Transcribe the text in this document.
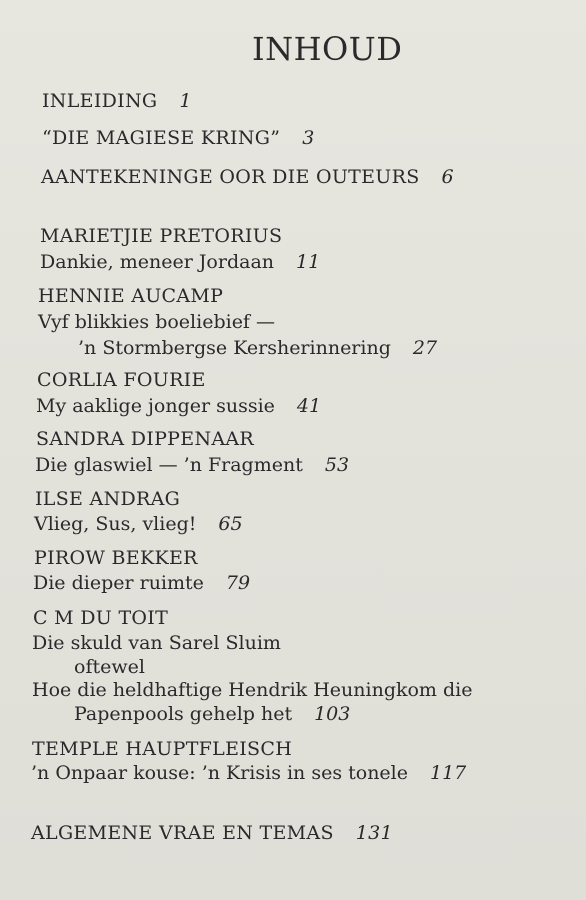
INHOUD
INLEIDING 1
“DIE MAGIESE KRING” 3
AANTEKENINGE OOR DIE OUTEURS 6
MARIETJIE PRETORIUS
Dankie, meneer Jordaan 11
HENNIE AUCAMP
Vyf blikkies boeliebief —
’n Stormbergse Kersherinnering 27
CORLIA FOURIE
My aaklige jonger sussie 41
SANDRA DIPPENAAR
Die glaswiel — ’n Fragment 53
ILSE ANDRAG
Vlieg, Sus, vlieg! 65
PIROW BEKKER
Die dieper ruimte 79
C M DU TOIT
Die skuld van Sarel Sluim
oftewel
Hoe die heldhaftige Hendrik Heuningkom die
Papenpools gehelp het 103
TEMPLE HAUPTFLEISCH
’n Onpaar kouse: ’n Krisis in ses tonele 117
ALGEMENE VRAE EN TEMAS 131
